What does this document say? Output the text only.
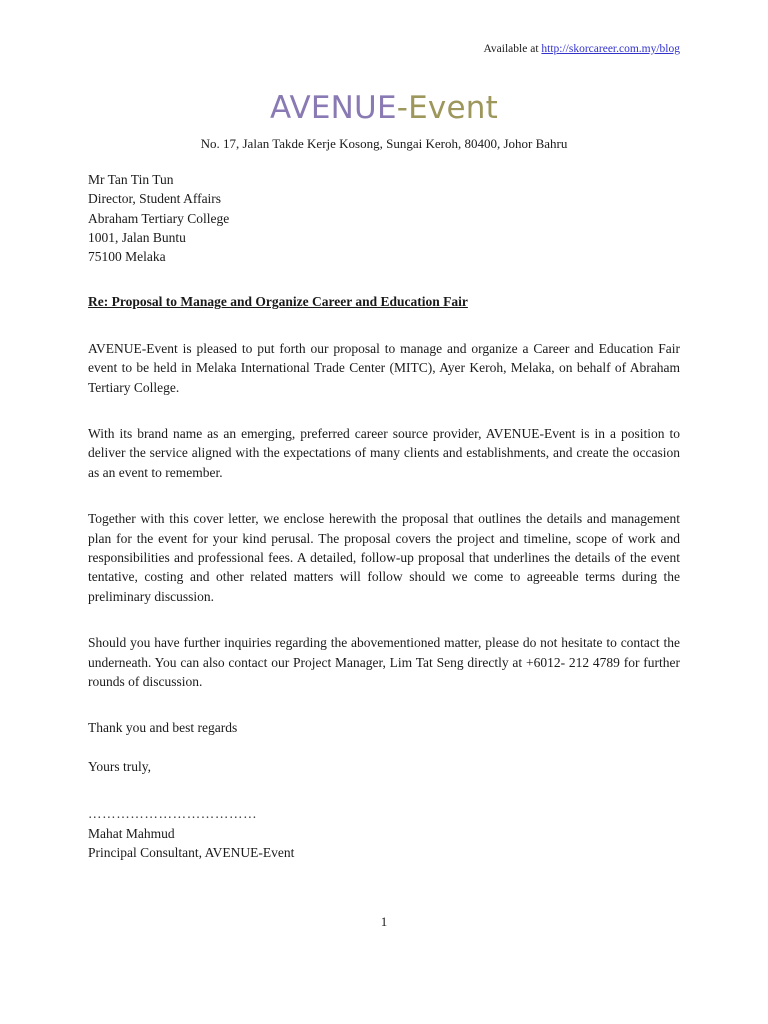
Available at http://skorcareer.com.my/blog
AVENUE-Event
No. 17, Jalan Takde Kerje Kosong, Sungai Keroh, 80400, Johor Bahru
Mr Tan Tin Tun
Director, Student Affairs
Abraham Tertiary College
1001, Jalan Buntu
75100 Melaka
Re: Proposal to Manage and Organize Career and Education Fair

AVENUE-Event is pleased to put forth our proposal to manage and organize a Career and Education Fair event to be held in Melaka International Trade Center (MITC), Ayer Keroh, Melaka, on behalf of Abraham Tertiary College.

With its brand name as an emerging, preferred career source provider, AVENUE-Event is in a position to deliver the service aligned with the expectations of many clients and establishments, and create the occasion as an event to remember.

Together with this cover letter, we enclose herewith the proposal that outlines the details and management plan for the event for your kind perusal. The proposal covers the project and timeline, scope of work and responsibilities and professional fees. A detailed, follow-up proposal that underlines the details of the event tentative, costing and other related matters will follow should we come to agreeable terms during the preliminary discussion.

Should you have further inquiries regarding the abovementioned matter, please do not hesitate to contact the underneath. You can also contact our Project Manager, Lim Tat Seng directly at +6012- 212 4789 for further rounds of discussion.

Thank you and best regards
Yours truly,
………………………………
Mahat Mahmud
Principal Consultant, AVENUE-Event
1
